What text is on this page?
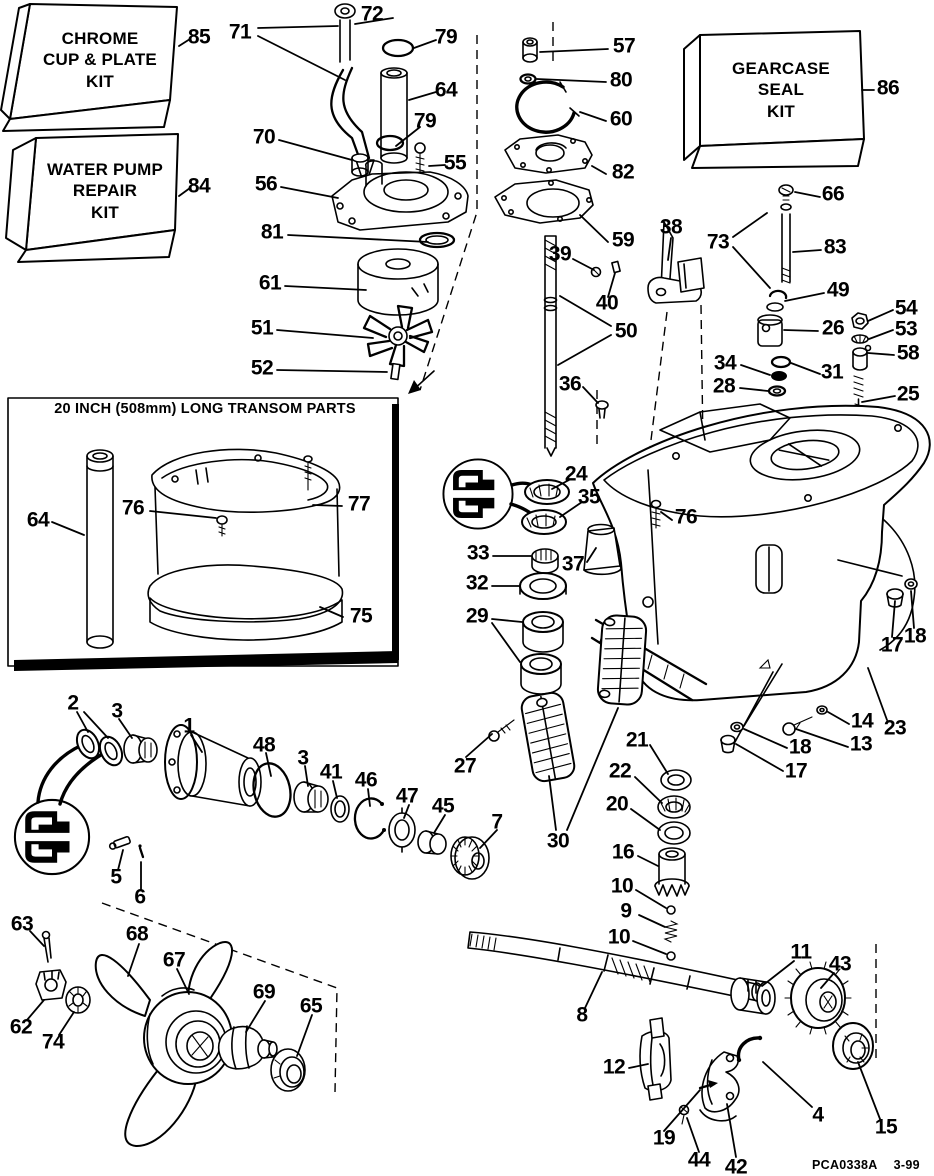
CHROME
CUP & PLATE
KIT
WATER PUMP
REPAIR
KIT
GEARCASE
SEAL
KIT
20 INCH (508mm) LONG TRANSOM PARTS
PCA0338A 3-99
72
71	79
85
64
79
70
55
84 56
81
61
51
52
57
80
60
82
86
59
39
38
73
66
83
49
40
50	26
54
53
58
25
34	31
28
36
24
35
76
33	37
32
29
64
76	77
75
27
30
21
22
20
16
10
9
10
17 18
14
13
23
18
17
2 3
1
48
3
41 46
47 45
7
5
6
63	68
67
69
65
62
74
8
11
43
12
19
44 42
4
15
